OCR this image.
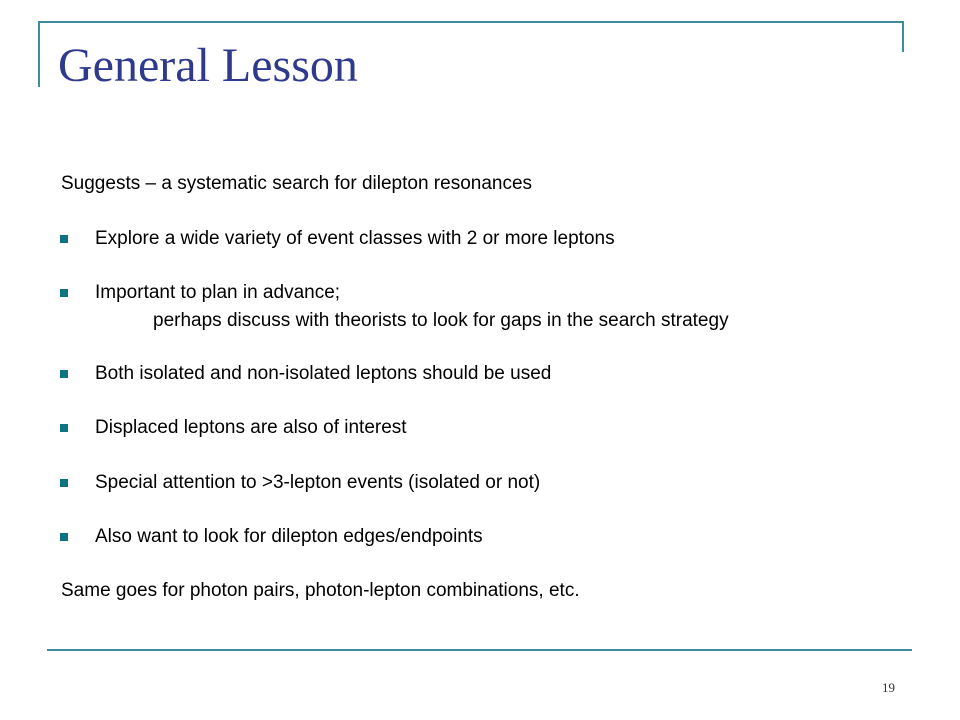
General Lesson

Suggests – a systematic search for dilepton resonances

Explore a wide variety of event classes with 2 or more leptons

Important to plan in advance;

perhaps discuss with theorists to look for gaps in the search strategy

Both isolated and non-isolated leptons should be used

Displaced leptons are also of interest

Special attention to >3-lepton events (isolated or not)

Also want to look for dilepton edges/endpoints

Same goes for photon pairs, photon-lepton combinations, etc.

19
